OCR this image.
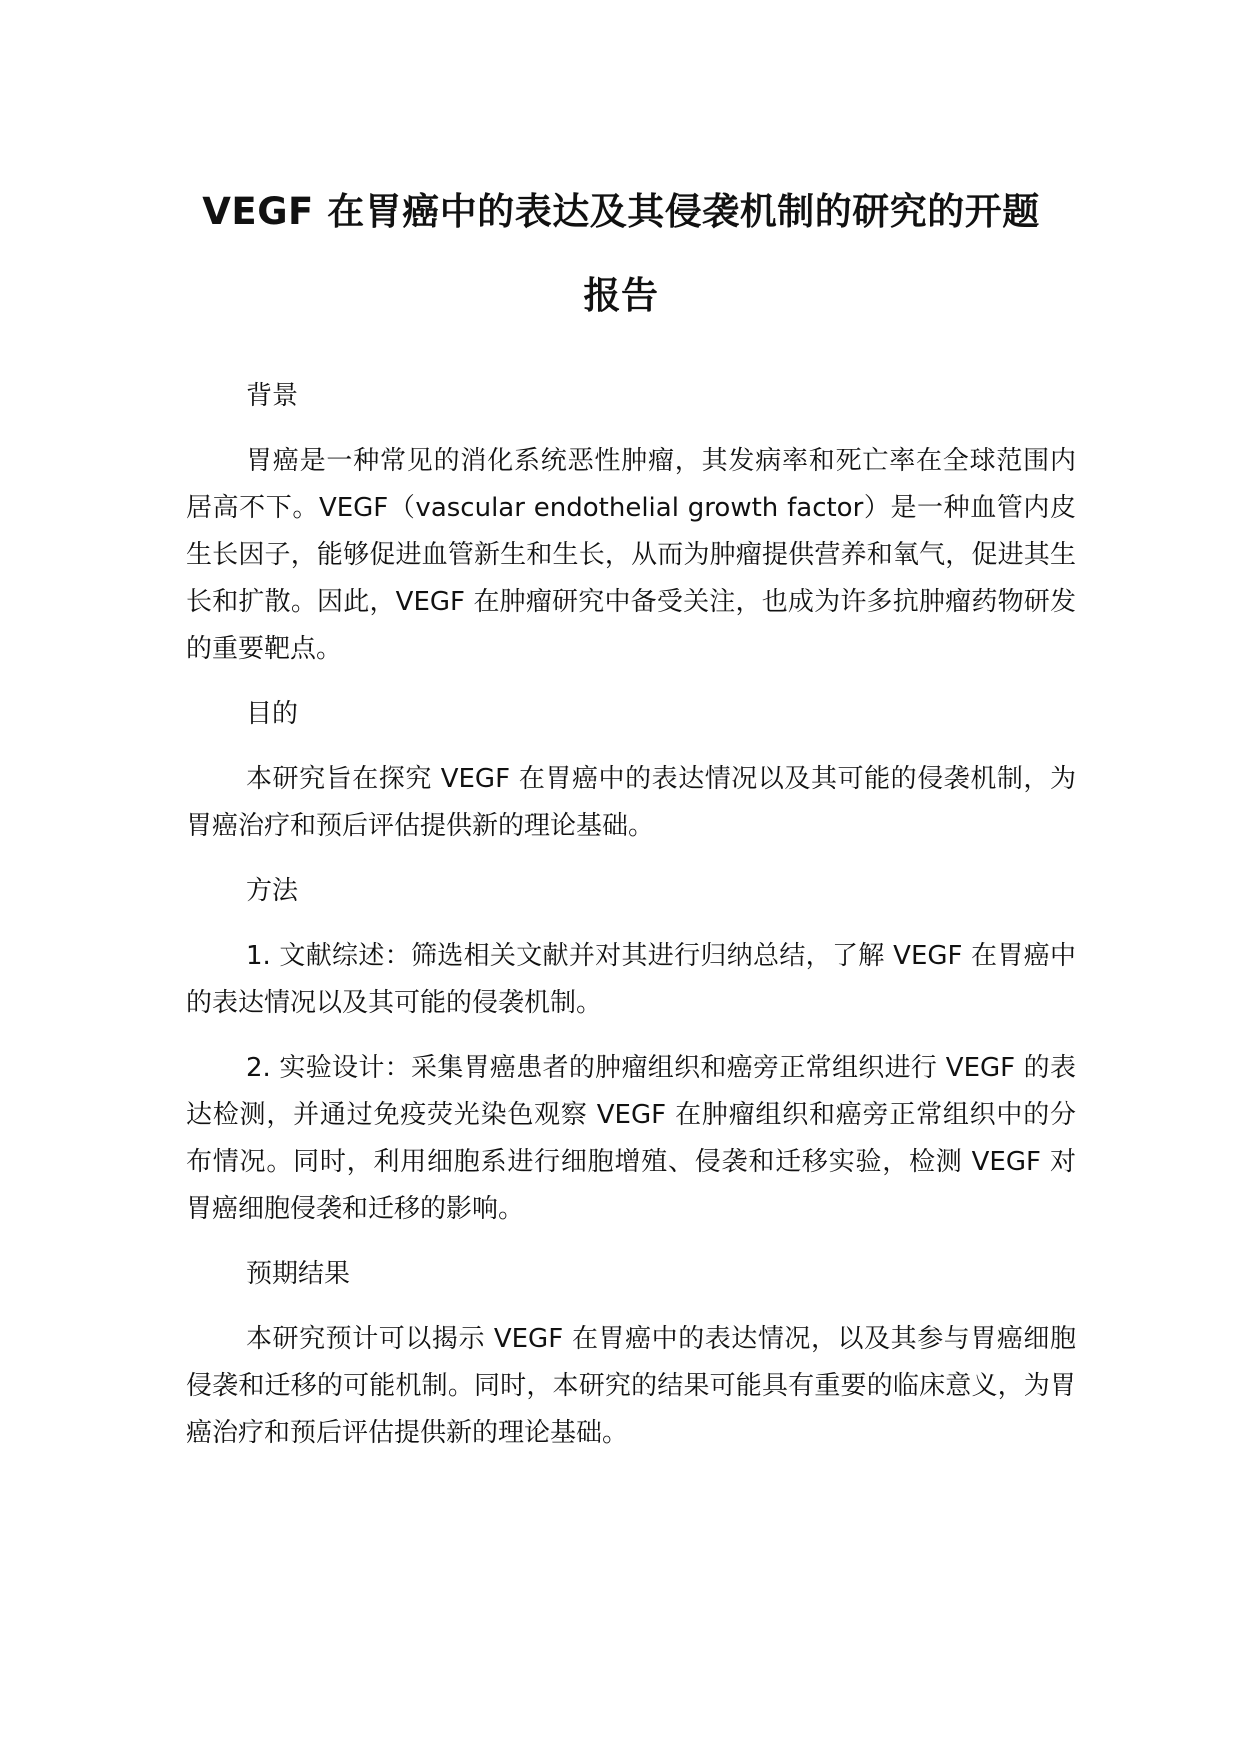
VEGF 在胃癌中的表达及其侵袭机制的研究的开题报告

背景

胃癌是一种常见的消化系统恶性肿瘤，其发病率和死亡率在全球范围内居高不下。VEGF（vascular endothelial growth factor）是一种血管内皮生长因子，能够促进血管新生和生长，从而为肿瘤提供营养和氧气，促进其生长和扩散。因此，VEGF 在肿瘤研究中备受关注，也成为许多抗肿瘤药物研发的重要靶点。

目的

本研究旨在探究 VEGF 在胃癌中的表达情况以及其可能的侵袭机制，为胃癌治疗和预后评估提供新的理论基础。

方法

1. 文献综述：筛选相关文献并对其进行归纳总结，了解 VEGF 在胃癌中的表达情况以及其可能的侵袭机制。

2. 实验设计：采集胃癌患者的肿瘤组织和癌旁正常组织进行 VEGF 的表达检测，并通过免疫荧光染色观察 VEGF 在肿瘤组织和癌旁正常组织中的分布情况。同时，利用细胞系进行细胞增殖、侵袭和迁移实验，检测 VEGF 对胃癌细胞侵袭和迁移的影响。

预期结果

本研究预计可以揭示 VEGF 在胃癌中的表达情况，以及其参与胃癌细胞侵袭和迁移的可能机制。同时，本研究的结果可能具有重要的临床意义，为胃癌治疗和预后评估提供新的理论基础。
